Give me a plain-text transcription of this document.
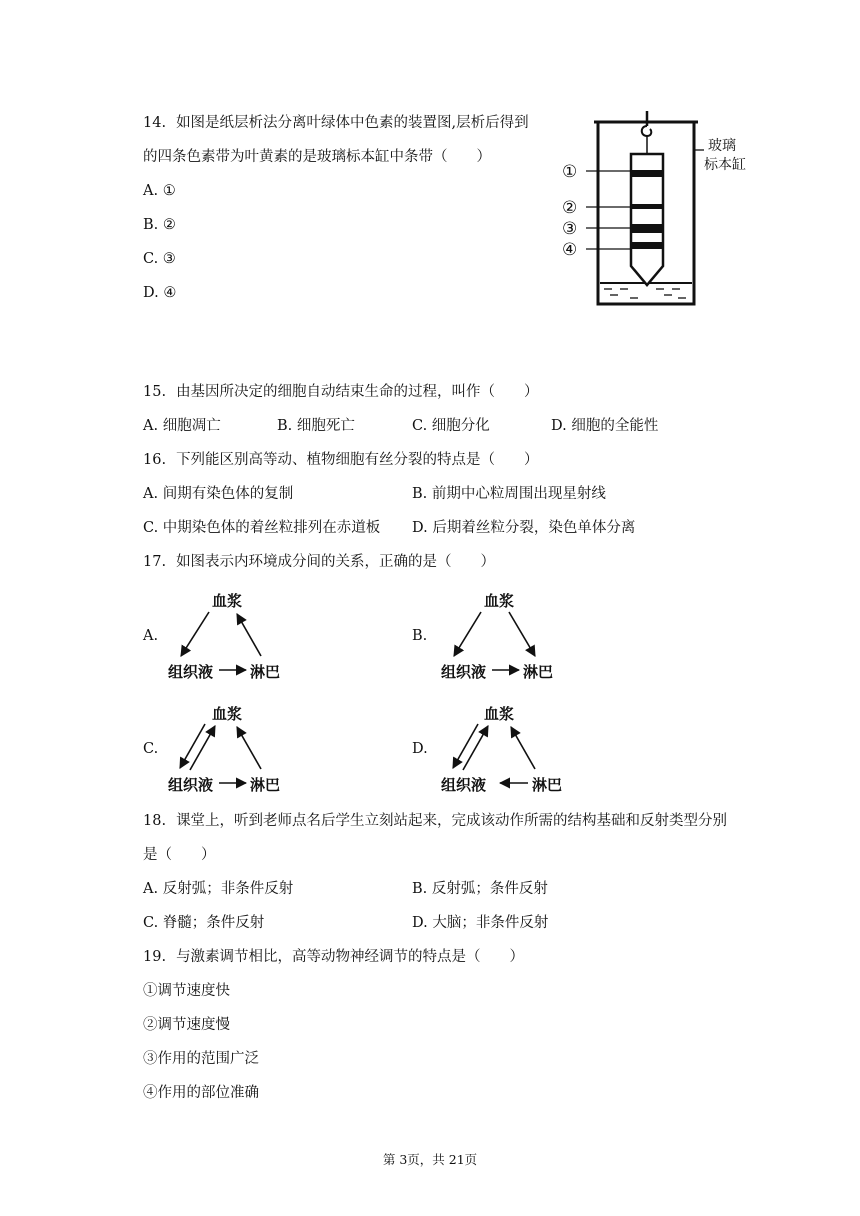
14. 如图是纸层析法分离叶绿体中色素的装置图,层析后得到
的四条色素带为叶黄素的是玻璃标本缸中条带（　　）
A. ①
B. ②
C. ③
D. ④
①
②
③
④
玻璃
标本缸
15. 由基因所决定的细胞自动结束生命的过程，叫作（　　）
A. 细胞凋亡	B. 细胞死亡	C. 细胞分化	D. 细胞的全能性
16. 下列能区别高等动、植物细胞有丝分裂的特点是（　　）
A. 间期有染色体的复制	B. 前期中心粒周围出现星射线
C. 中期染色体的着丝粒排列在赤道板 D. 后期着丝粒分裂，染色单体分离
17. 如图表示内环境成分间的关系，正确的是（　　）
A.
血浆
组织液 淋巴
B.
血浆
组织液 淋巴
C.
血浆
组织液 淋巴
D.
血浆
组织液	淋巴
18. 课堂上，听到老师点名后学生立刻站起来，完成该动作所需的结构基础和反射类型分别
是（　　）
A. 反射弧；非条件反射	B. 反射弧；条件反射
C. 脊髓；条件反射	D. 大脑；非条件反射
19. 与激素调节相比，高等动物神经调节的特点是（　　）
①调节速度快
②调节速度慢
③作用的范围广泛
④作用的部位准确
第 3页，共 21页
